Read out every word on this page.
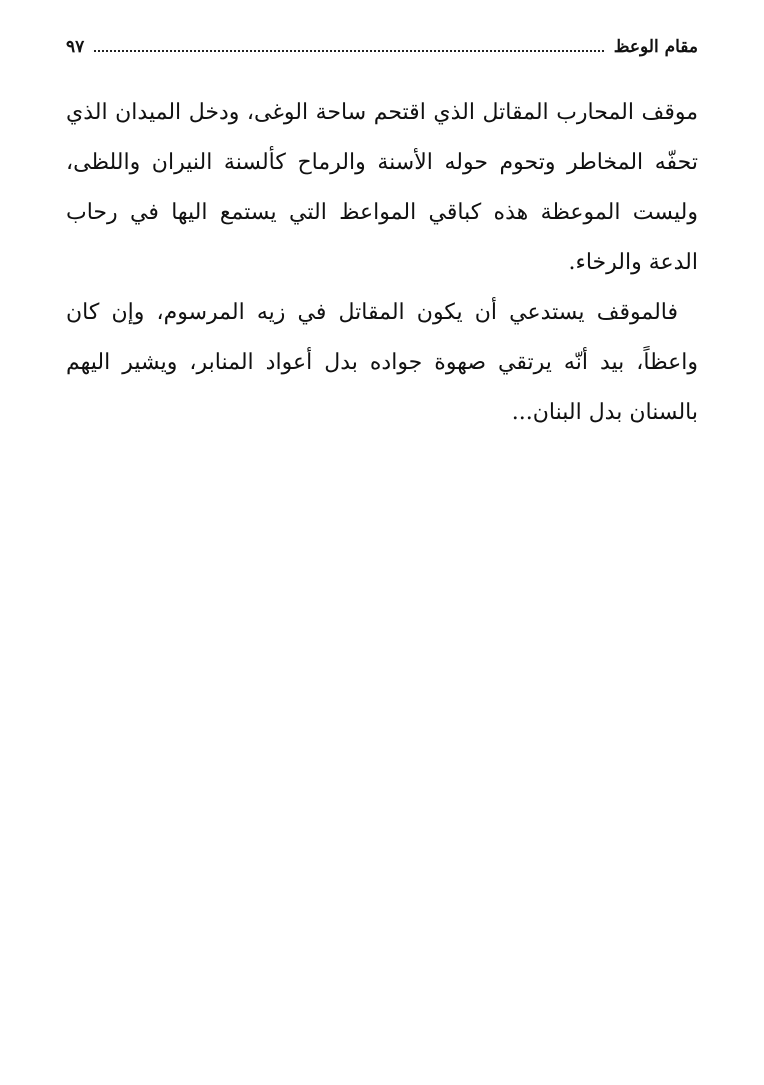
مقام الوعظ
٩٧

موقف المحارب المقاتل الذي اقتحم ساحة الوغى، ودخل الميدان الذي تحفّه المخاطر وتحوم حوله الأسنة والرماح كألسنة النيران واللظى، وليست الموعظة هذه كباقي المواعظ التي يستمع اليها في رحاب الدعة والرخاء.

فالموقف يستدعي أن يكون المقاتل في زيه المرسوم، وإن كان واعظاً، بيد أنّه يرتقي صهوة جواده بدل أعواد المنابر، ويشير اليهم بالسنان بدل البنان...
